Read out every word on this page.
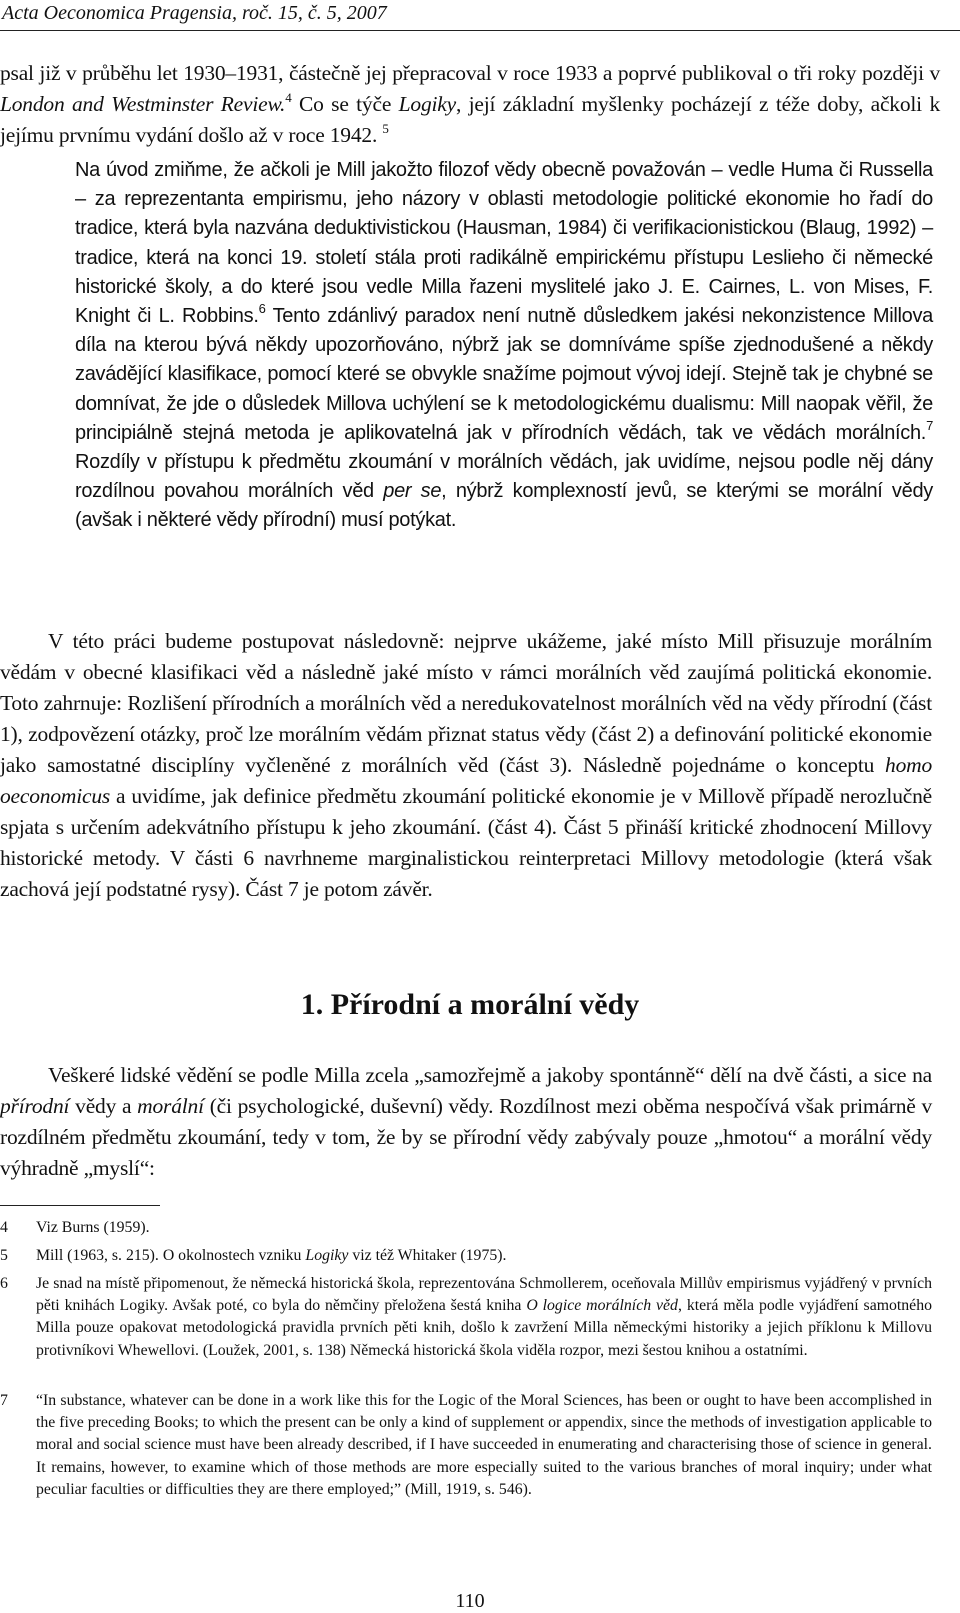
Acta Oeconomica Pragensia, roč. 15, č. 5, 2007

psal již v průběhu let 1930–1931, částečně jej přepracoval v roce 1933 a poprvé publikoval o tři roky později v London and Westminster Review.$^4$ Co se týče Logiky, její základní myšlenky pocházejí z téže doby, ačkoli k jejímu prvnímu vydání došlo až v roce 1942. $^5$

Na úvod zmiňme, že ačkoli je Mill jakožto filozof vědy obecně považován – vedle Huma či Russella – za reprezentanta empirismu, jeho názory v oblasti metodologie politické ekonomie ho řadí do tradice, která byla nazvána deduktivistickou (Hausman, 1984) či verifikacionistickou (Blaug, 1992) – tradice, která na konci 19. století stála proti radikálně empirickému přístupu Leslieho či německé historické školy, a do které jsou vedle Milla řazeni myslitelé jako J. E. Cairnes, L. von Mises, F. Knight či L. Robbins.$^6$ Tento zdánlivý paradox není nutně důsledkem jakési nekonzistence Millova díla na kterou bývá někdy upozorňováno, nýbrž jak se domníváme spíše zjednodušené a někdy zavádějící klasifikace, pomocí které se obvykle snažíme pojmout vývoj idejí. Stejně tak je chybné se domnívat, že jde o důsledek Millova uchýlení se k metodologickému dualismu: Mill naopak věřil, že principiálně stejná metoda je aplikovatelná jak v přírodních vědách, tak ve vědách morálních.$^7$ Rozdíly v přístupu k předmětu zkoumání v morálních vědách, jak uvidíme, nejsou podle něj dány rozdílnou povahou morálních věd per se, nýbrž komplexností jevů, se kterými se morální vědy (avšak i některé vědy přírodní) musí potýkat.

V této práci budeme postupovat následovně: nejprve ukážeme, jaké místo Mill přisuzuje morálním vědám v obecné klasifikaci věd a následně jaké místo v rámci morálních věd zaujímá politická ekonomie. Toto zahrnuje: Rozlišení přírodních a morálních věd a neredukovatelnost morálních věd na vědy přírodní (část 1), zodpovězení otázky, proč lze morálním vědám přiznat status vědy (část 2) a definování politické ekonomie jako samostatné disciplíny vyčleněné z morálních věd (část 3). Následně pojednáme o konceptu homo oeconomicus a uvidíme, jak definice předmětu zkoumání politické ekonomie je v Millově případě nerozlučně spjata s určením adekvátního přístupu k jeho zkoumání. (část 4). Část 5 přináší kritické zhodnocení Millovy historické metody. V části 6 navrhneme marginalistickou reinterpretaci Millovy metodologie (která však zachová její podstatné rysy). Část 7 je potom závěr.

1. Přírodní a morální vědy

Veškeré lidské vědění se podle Milla zcela „samozřejmě a jakoby spontánně“ dělí na dvě části, a sice na přírodní vědy a morální (či psychologické, duševní) vědy. Rozdílnost mezi oběma nespočívá však primárně v rozdílném předmětu zkoumání, tedy v tom, že by se přírodní vědy zabývaly pouze „hmotou“ a morální vědy výhradně „myslí“:

4 Viz Burns (1959).
5 Mill (1963, s. 215). O okolnostech vzniku Logiky viz též Whitaker (1975).
6 Je snad na místě připomenout, že německá historická škola, reprezentována Schmollerem, oceňovala Millův empirismus vyjádřený v prvních pěti knihách Logiky. Avšak poté, co byla do němčiny přeložena šestá kniha O logice morálních věd, která měla podle vyjádření samotného Milla pouze opakovat metodologická pravidla prvních pěti knih, došlo k zavržení Milla německými historiky a jejich příklonu k Millovu protivníkovi Whewellovi. (Loužek, 2001, s. 138) Německá historická škola viděla rozpor, mezi šestou knihou a ostatními.
7 “In substance, whatever can be done in a work like this for the Logic of the Moral Sciences, has been or ought to have been accomplished in the five preceding Books; to which the present can be only a kind of supplement or appendix, since the methods of investigation applicable to moral and social science must have been already described, if I have succeeded in enumerating and characterising those of science in general. It remains, however, to examine which of those methods are more especially suited to the various branches of moral inquiry; under what peculiar faculties or difficulties they are there employed;” (Mill, 1919, s. 546).
110
